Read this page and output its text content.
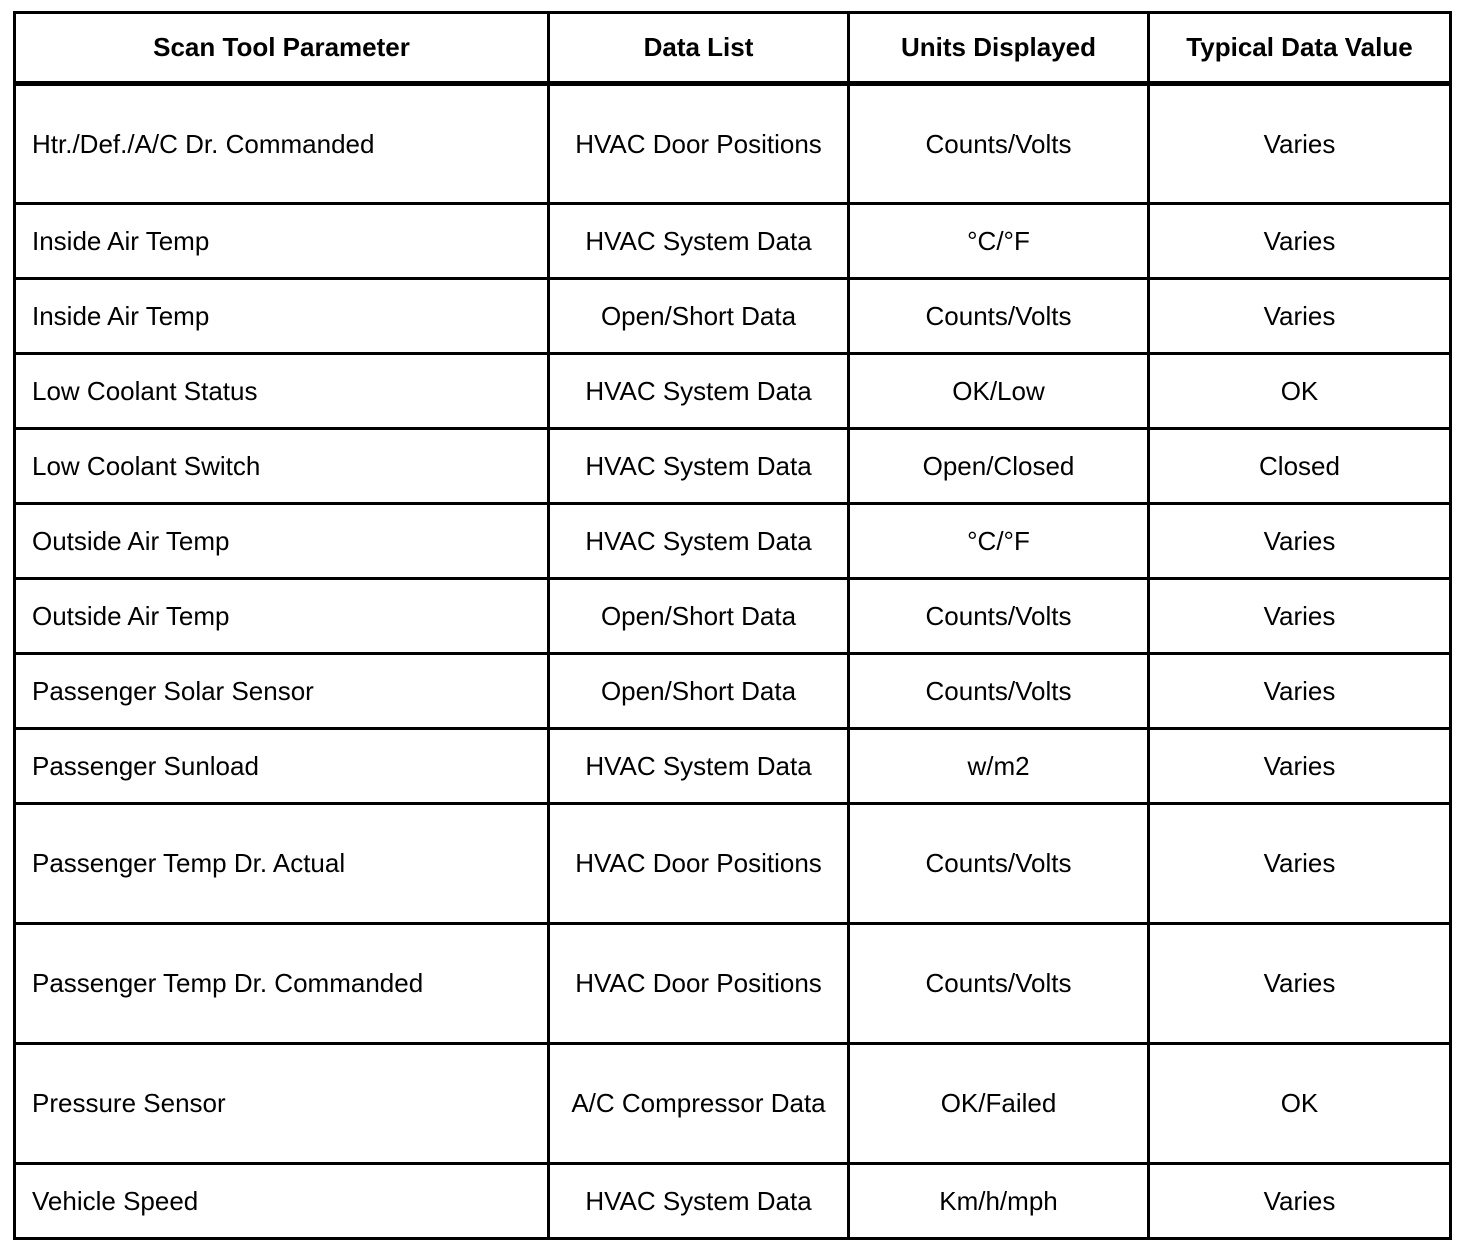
Scan Tool Parameter	Data List	Units Displayed	Typical Data Value
Htr./Def./A/C Dr. Commanded	HVAC Door Positions	Counts/Volts	Varies
Inside Air Temp	HVAC System Data	°C/°F	Varies
Inside Air Temp	Open/Short Data	Counts/Volts	Varies
Low Coolant Status	HVAC System Data	OK/Low	OK
Low Coolant Switch	HVAC System Data	Open/Closed	Closed
Outside Air Temp	HVAC System Data	°C/°F	Varies
Outside Air Temp	Open/Short Data	Counts/Volts	Varies
Passenger Solar Sensor	Open/Short Data	Counts/Volts	Varies
Passenger Sunload	HVAC System Data	w/m2	Varies
Passenger Temp Dr. Actual	HVAC Door Positions	Counts/Volts	Varies
Passenger Temp Dr. Commanded	HVAC Door Positions	Counts/Volts	Varies
Pressure Sensor	A/C Compressor Data	OK/Failed	OK
Vehicle Speed	HVAC System Data	Km/h/mph	Varies
